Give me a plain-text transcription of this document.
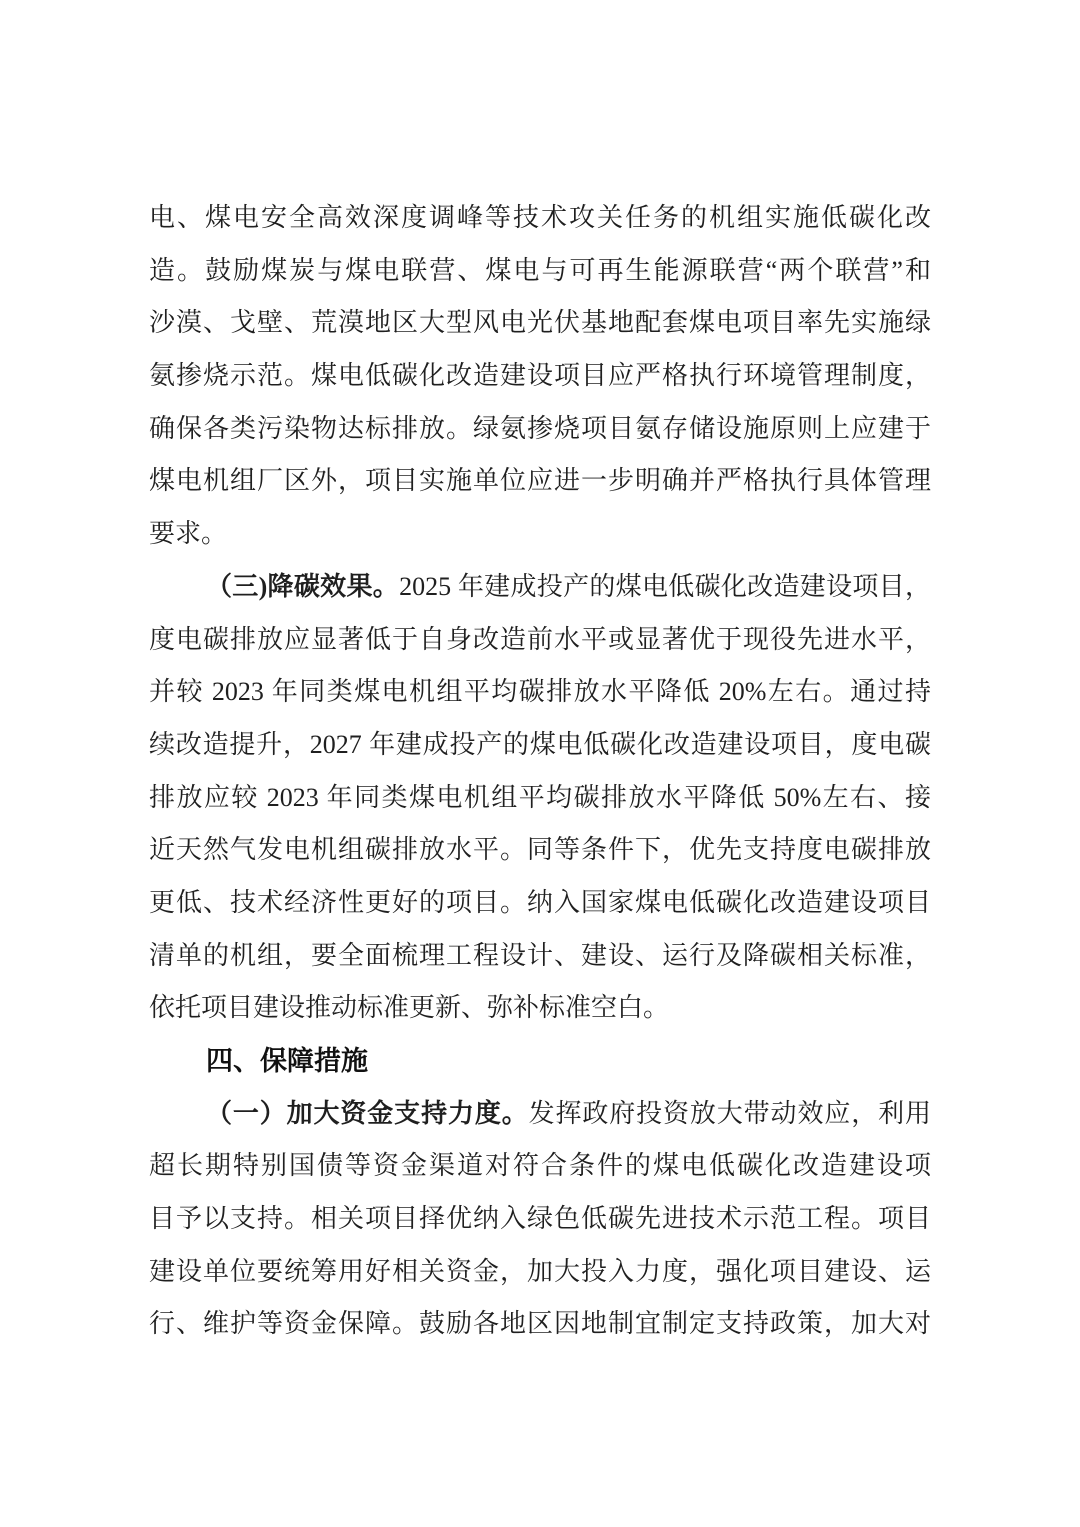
电、煤电安全高效深度调峰等技术攻关任务的机组实施低碳化改
造。鼓励煤炭与煤电联营、煤电与可再生能源联营“两个联营”和
沙漠、戈壁、荒漠地区大型风电光伏基地配套煤电项目率先实施绿
氨掺烧示范。煤电低碳化改造建设项目应严格执行环境管理制度，
确保各类污染物达标排放。绿氨掺烧项目氨存储设施原则上应建于
煤电机组厂区外，项目实施单位应进一步明确并严格执行具体管理
要求。
（三)降碳效果。2025 年建成投产的煤电低碳化改造建设项目，
度电碳排放应显著低于自身改造前水平或显著优于现役先进水平，
并较 2023 年同类煤电机组平均碳排放水平降低 20%左右。通过持
续改造提升，2027 年建成投产的煤电低碳化改造建设项目，度电碳
排放应较 2023 年同类煤电机组平均碳排放水平降低 50%左右、接
近天然气发电机组碳排放水平。同等条件下，优先支持度电碳排放
更低、技术经济性更好的项目。纳入国家煤电低碳化改造建设项目
清单的机组，要全面梳理工程设计、建设、运行及降碳相关标准，
依托项目建设推动标准更新、弥补标准空白。
四、保障措施
（一）加大资金支持力度。发挥政府投资放大带动效应，利用
超长期特别国债等资金渠道对符合条件的煤电低碳化改造建设项
目予以支持。相关项目择优纳入绿色低碳先进技术示范工程。项目
建设单位要统筹用好相关资金，加大投入力度，强化项目建设、运
行、维护等资金保障。鼓励各地区因地制宜制定支持政策，加大对
